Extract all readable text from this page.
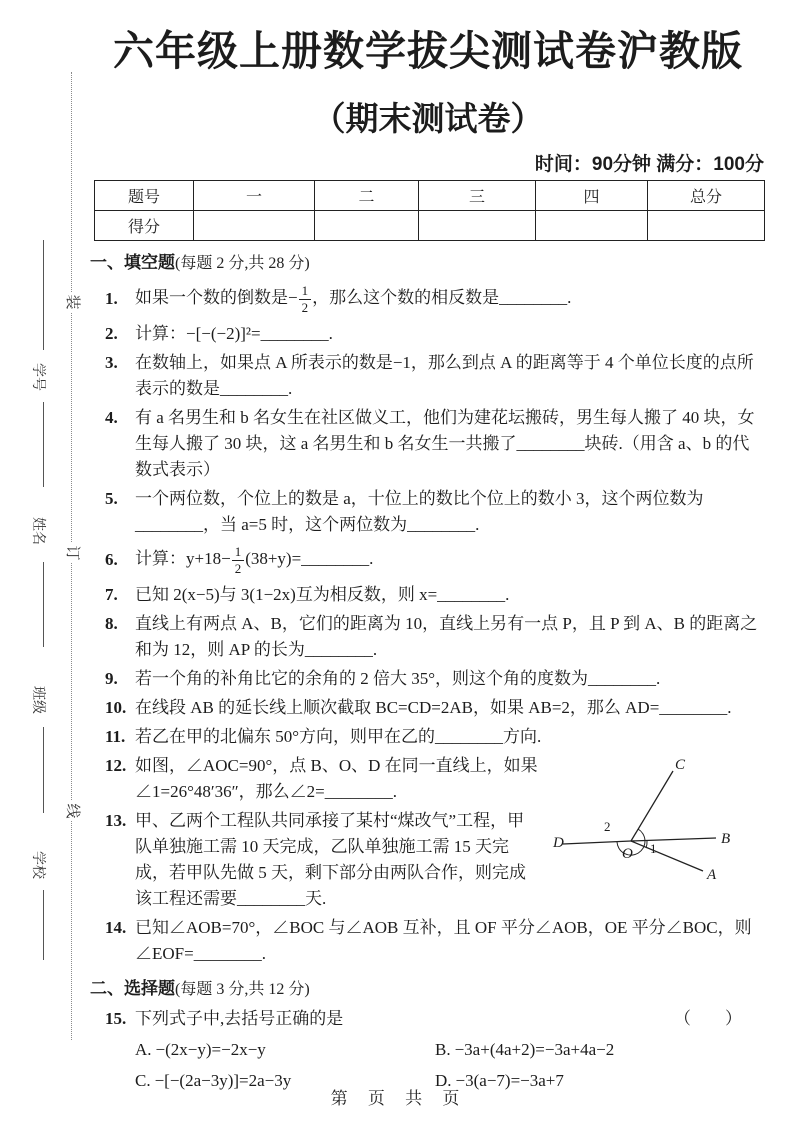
装
订
线
学号
姓名
班级
学校
六年级上册数学拔尖测试卷沪教版
（期末测试卷）
时间：90分钟 满分：100分
题号	一	二	三	四	总分
得分					
一、填空题(每题 2 分,共 28 分)
1.	如果一个数的倒数是− $\frac{1}{2}$ ，那么这个数的相反数是________.
2. 计算：−[−(−2)]²=________.
3. 在数轴上，如果点 A 所表示的数是−1，那么到点 A 的距离等于 4 个单位长度的点所表示的数是________.
4. 有 a 名男生和 b 名女生在社区做义工，他们为建花坛搬砖，男生每人搬了 40 块，女生每人搬了 30 块，这 a 名男生和 b 名女生一共搬了________块砖.（用含 a、b 的代数式表示）
5. 一个两位数，个位上的数是 a，十位上的数比个位上的数小 3，这个两位数为________，当 a=5 时，这个两位数为________.
6.	计算：$y+18- \frac{1}{2}$ (38+y)=________.
7. 已知 2(x−5)与 3(1−2x)互为相反数，则 x=________.
8. 直线上有两点 A、B，它们的距离为 10，直线上另有一点 P，且 P 到 A、B 的距离之和为 12，则 AP 的长为________.
9. 若一个角的补角比它的余角的 2 倍大 35°，则这个角的度数为________.
10. 在线段 AB 的延长线上顺次截取 BC=CD=2AB，如果 AB=2，那么 AD=________.
11. 若乙在甲的北偏东 50°方向，则甲在乙的________方向.
C
D	B
A
O
2
1
12. 如图，∠AOC=90°，点 B、O、D 在同一直线上，如果∠1=26°48′36″，那么∠2=________.
13. 甲、乙两个工程队共同承接了某村“煤改气”工程，甲队单独施工需 10 天完成，乙队单独施工需 15 天完成，若甲队先做 5 天，剩下部分由两队合作，则完成该工程还需要________天.
14. 已知∠AOB=70°，∠BOC 与∠AOB 互补，且 OF 平分∠AOB，OE 平分∠BOC，则∠EOF=________.
二、选择题(每题 3 分,共 12 分)
15. 下列式子中,去括号正确的是	（　　）
A. −(2x−y)=−2x−y	B. −3a+(4a+2)=−3a+4a−2
C. −[−(2a−3y)]=2a−3y	D. −3(a−7)=−3a+7
第 页 共 页
